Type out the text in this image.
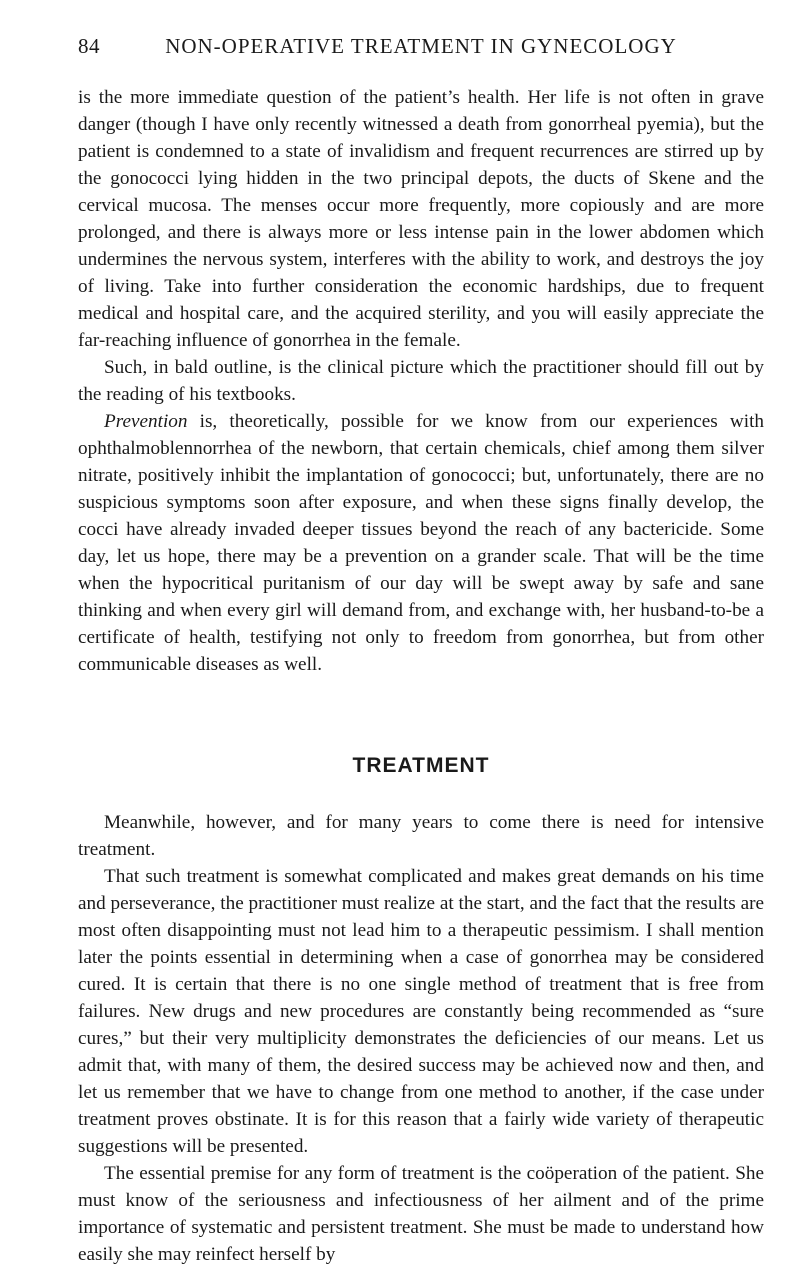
84	NON-OPERATIVE TREATMENT IN GYNECOLOGY

is the more immediate question of the patient’s health. Her life is not often in grave danger (though I have only recently witnessed a death from gonorrheal pyemia), but the patient is condemned to a state of invalidism and frequent recurrences are stirred up by the gonococci lying hidden in the two principal depots, the ducts of Skene and the cervical mucosa. The menses occur more frequently, more copiously and are more prolonged, and there is always more or less intense pain in the lower abdomen which undermines the nervous system, interferes with the ability to work, and destroys the joy of living. Take into further consideration the economic hardships, due to frequent medical and hospital care, and the acquired sterility, and you will easily appreciate the far-reaching influence of gonorrhea in the female.

Such, in bald outline, is the clinical picture which the practitioner should fill out by the reading of his textbooks.

Prevention is, theoretically, possible for we know from our experiences with ophthalmoblennorrhea of the newborn, that certain chemicals, chief among them silver nitrate, positively inhibit the implantation of gonococci; but, unfortunately, there are no suspicious symptoms soon after exposure, and when these signs finally develop, the cocci have already invaded deeper tissues beyond the reach of any bactericide. Some day, let us hope, there may be a prevention on a grander scale. That will be the time when the hypocritical puritanism of our day will be swept away by safe and sane thinking and when every girl will demand from, and exchange with, her husband-to-be a certificate of health, testifying not only to freedom from gonorrhea, but from other communicable diseases as well.

TREATMENT

Meanwhile, however, and for many years to come there is need for intensive treatment.

That such treatment is somewhat complicated and makes great demands on his time and perseverance, the practitioner must realize at the start, and the fact that the results are most often disappointing must not lead him to a therapeutic pessimism. I shall mention later the points essential in determining when a case of gonorrhea may be considered cured. It is certain that there is no one single method of treatment that is free from failures. New drugs and new procedures are constantly being recommended as “sure cures,” but their very multiplicity demonstrates the deficiencies of our means. Let us admit that, with many of them, the desired success may be achieved now and then, and let us remember that we have to change from one method to another, if the case under treatment proves obstinate. It is for this reason that a fairly wide variety of therapeutic suggestions will be presented.

The essential premise for any form of treatment is the coöperation of the patient. She must know of the seriousness and infectiousness of her ailment and of the prime importance of systematic and persistent treatment. She must be made to understand how easily she may reinfect herself by
